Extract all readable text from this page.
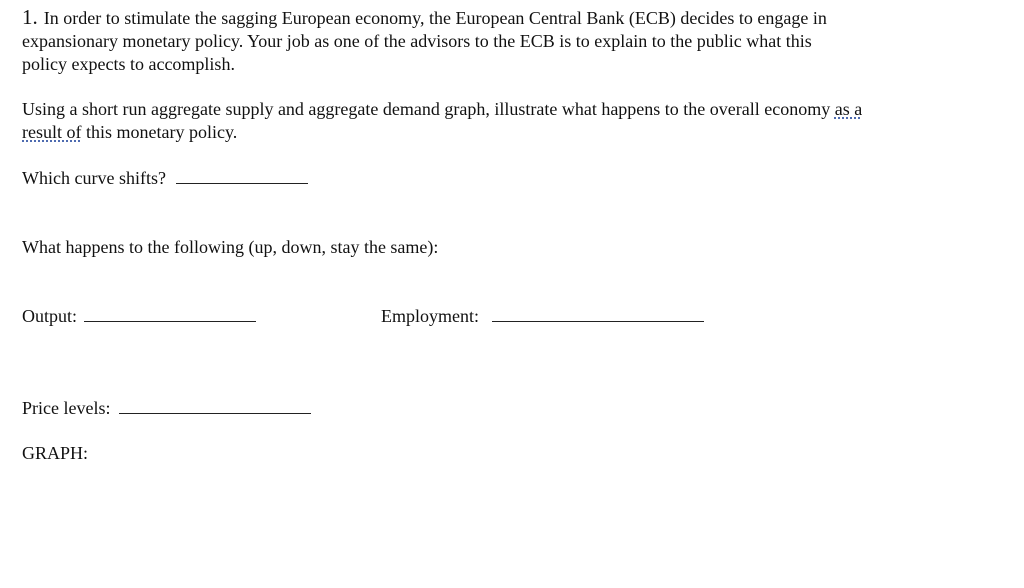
1. In order to stimulate the sagging European economy, the European Central Bank (ECB) decides to engage in
expansionary monetary policy. Your job as one of the advisors to the ECB is to explain to the public what this
policy expects to accomplish.
Using a short run aggregate supply and aggregate demand graph, illustrate what happens to the overall economy as a
result of this monetary policy.
Which curve shifts?
What happens to the following (up, down, stay the same):
Output:	Employment:
Price levels:
GRAPH:
